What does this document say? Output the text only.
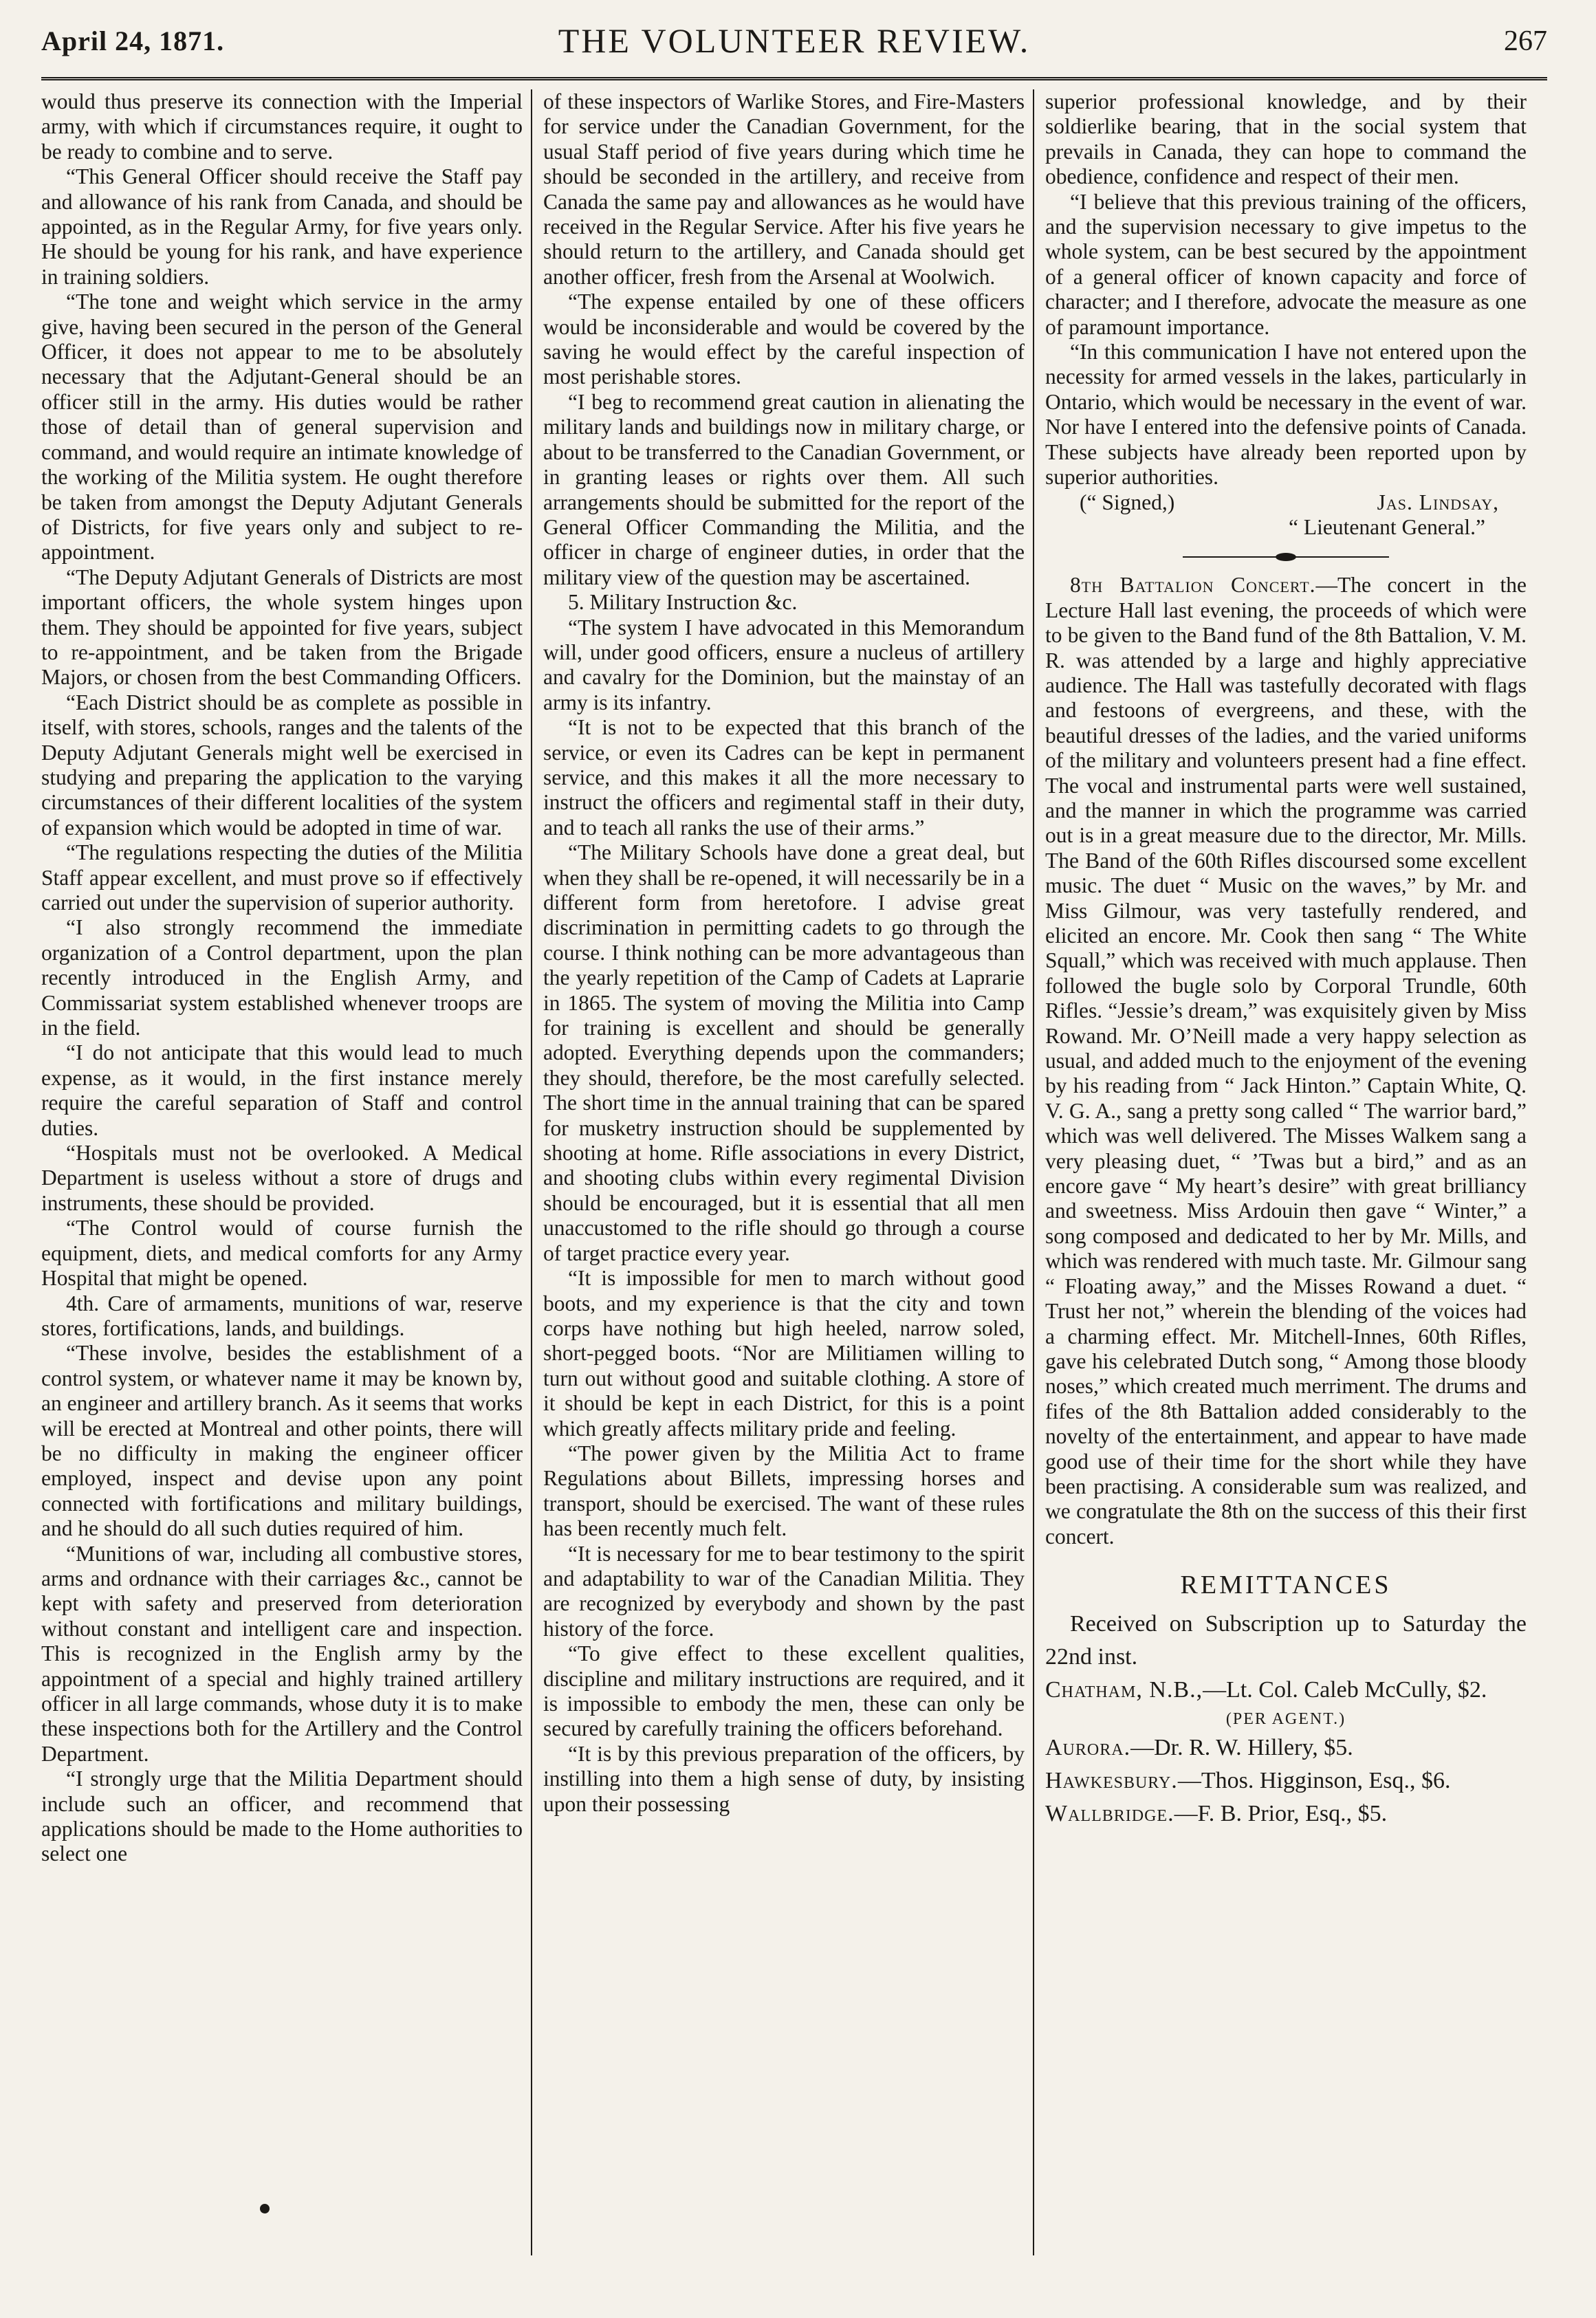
April 24, 1871.	THE VOLUNTEER REVIEW.	267

would thus preserve its connection with the Imperial army, with which if circumstances require, it ought to be ready to combine and to serve.

“This General Officer should receive the Staff pay and allowance of his rank from Canada, and should be appointed, as in the Regular Army, for five years only. He should be young for his rank, and have experience in training soldiers.

“The tone and weight which service in the army give, having been secured in the person of the General Officer, it does not appear to me to be absolutely necessary that the Adjutant-General should be an officer still in the army. His duties would be rather those of detail than of general supervision and command, and would require an intimate knowledge of the working of the Militia system. He ought therefore be taken from amongst the Deputy Adjutant Generals of Districts, for five years only and subject to re-appointment.

“The Deputy Adjutant Generals of Districts are most important officers, the whole system hinges upon them. They should be appointed for five years, subject to re-appointment, and be taken from the Brigade Majors, or chosen from the best Commanding Officers.

“Each District should be as complete as possible in itself, with stores, schools, ranges and the talents of the Deputy Adjutant Generals might well be exercised in studying and preparing the application to the varying circumstances of their different localities of the system of expansion which would be adopted in time of war.

“The regulations respecting the duties of the Militia Staff appear excellent, and must prove so if effectively carried out under the supervision of superior authority.

“I also strongly recommend the immediate organization of a Control department, upon the plan recently introduced in the English Army, and Commissariat system established whenever troops are in the field.

“I do not anticipate that this would lead to much expense, as it would, in the first instance merely require the careful separation of Staff and control duties.

“Hospitals must not be overlooked. A Medical Department is useless without a store of drugs and instruments, these should be provided.

“The Control would of course furnish the equipment, diets, and medical comforts for any Army Hospital that might be opened.

4th. Care of armaments, munitions of war, reserve stores, fortifications, lands, and buildings.

“These involve, besides the establishment of a control system, or whatever name it may be known by, an engineer and artillery branch. As it seems that works will be erected at Montreal and other points, there will be no difficulty in making the engineer officer employed, inspect and devise upon any point connected with fortifications and military buildings, and he should do all such duties required of him.

“Munitions of war, including all combustive stores, arms and ordnance with their carriages &c., cannot be kept with safety and preserved from deterioration without constant and intelligent care and inspection. This is recognized in the English army by the appointment of a special and highly trained artillery officer in all large commands, whose duty it is to make these inspections both for the Artillery and the Control Department.

“I strongly urge that the Militia Department should include such an officer, and recommend that applications should be made to the Home authorities to select one

of these inspectors of Warlike Stores, and Fire-Masters for service under the Canadian Government, for the usual Staff period of five years during which time he should be seconded in the artillery, and receive from Canada the same pay and allowances as he would have received in the Regular Service. After his five years he should return to the artillery, and Canada should get another officer, fresh from the Arsenal at Woolwich.

“The expense entailed by one of these officers would be inconsiderable and would be covered by the saving he would effect by the careful inspection of most perishable stores.

“I beg to recommend great caution in alienating the military lands and buildings now in military charge, or about to be transferred to the Canadian Government, or in granting leases or rights over them. All such arrangements should be submitted for the report of the General Officer Commanding the Militia, and the officer in charge of engineer duties, in order that the military view of the question may be ascertained.

5. Military Instruction &c.

“The system I have advocated in this Memorandum will, under good officers, ensure a nucleus of artillery and cavalry for the Dominion, but the mainstay of an army is its infantry.

“It is not to be expected that this branch of the service, or even its Cadres can be kept in permanent service, and this makes it all the more necessary to instruct the officers and regimental staff in their duty, and to teach all ranks the use of their arms.”

“The Military Schools have done a great deal, but when they shall be re-opened, it will necessarily be in a different form from heretofore. I advise great discrimination in permitting cadets to go through the course. I think nothing can be more advantageous than the yearly repetition of the Camp of Cadets at Laprarie in 1865. The system of moving the Militia into Camp for training is excellent and should be generally adopted. Everything depends upon the commanders; they should, therefore, be the most carefully selected. The short time in the annual training that can be spared for musketry instruction should be supplemented by shooting at home. Rifle associations in every District, and shooting clubs within every regimental Division should be encouraged, but it is essential that all men unaccustomed to the rifle should go through a course of target practice every year.

“It is impossible for men to march without good boots, and my experience is that the city and town corps have nothing but high heeled, narrow soled, short-pegged boots. “Nor are Militiamen willing to turn out without good and suitable clothing. A store of it should be kept in each District, for this is a point which greatly affects military pride and feeling.

“The power given by the Militia Act to frame Regulations about Billets, impressing horses and transport, should be exercised. The want of these rules has been recently much felt.

“It is necessary for me to bear testimony to the spirit and adaptability to war of the Canadian Militia. They are recognized by everybody and shown by the past history of the force.

“To give effect to these excellent qualities, discipline and military instructions are required, and it is impossible to embody the men, these can only be secured by carefully training the officers beforehand.

“It is by this previous preparation of the officers, by instilling into them a high sense of duty, by insisting upon their possessing

superior professional knowledge, and by their soldierlike bearing, that in the social system that prevails in Canada, they can hope to command the obedience, confidence and respect of their men.

“I believe that this previous training of the officers, and the supervision necessary to give impetus to the whole system, can be best secured by the appointment of a general officer of known capacity and force of character; and I therefore, advocate the measure as one of paramount importance.

“In this communication I have not entered upon the necessity for armed vessels in the lakes, particularly in Ontario, which would be necessary in the event of war. Nor have I entered into the defensive points of Canada. These subjects have already been reported upon by superior authorities.

(“ Signed,)	Jas. Lindsay,
“ Lieutenant General.”

8th Battalion Concert.—The concert in the Lecture Hall last evening, the proceeds of which were to be given to the Band fund of the 8th Battalion, V. M. R. was attended by a large and highly appreciative audience. The Hall was tastefully decorated with flags and festoons of evergreens, and these, with the beautiful dresses of the ladies, and the varied uniforms of the military and volunteers present had a fine effect. The vocal and instrumental parts were well sustained, and the manner in which the programme was carried out is in a great measure due to the director, Mr. Mills. The Band of the 60th Rifles discoursed some excellent music. The duet “ Music on the waves,” by Mr. and Miss Gilmour, was very tastefully rendered, and elicited an encore. Mr. Cook then sang “ The White Squall,” which was received with much applause. Then followed the bugle solo by Corporal Trundle, 60th Rifles. “Jessie’s dream,” was exquisitely given by Miss Rowand. Mr. O’Neill made a very happy selection as usual, and added much to the enjoyment of the evening by his reading from “ Jack Hinton.” Captain White, Q. V. G. A., sang a pretty song called “ The warrior bard,” which was well delivered. The Misses Walkem sang a very pleasing duet, “ ’Twas but a bird,” and as an encore gave “ My heart’s desire” with great brilliancy and sweetness. Miss Ardouin then gave “ Winter,” a song composed and dedicated to her by Mr. Mills, and which was rendered with much taste. Mr. Gilmour sang “ Floating away,” and the Misses Rowand a duet. “ Trust her not,” wherein the blending of the voices had a charming effect. Mr. Mitchell-Innes, 60th Rifles, gave his celebrated Dutch song, “ Among those bloody noses,” which created much merriment. The drums and fifes of the 8th Battalion added considerably to the novelty of the entertainment, and appear to have made good use of their time for the short while they have been practising. A considerable sum was realized, and we congratulate the 8th on the success of this their first concert.

REMITTANCES

Received on Subscription up to Saturday the 22nd inst.

Chatham, N.B.,—Lt. Col. Caleb McCully, $2.

(PER AGENT.)

Aurora.—Dr. R. W. Hillery, $5.

Hawkesbury.—Thos. Higginson, Esq., $6.

Wallbridge.—F. B. Prior, Esq., $5.
